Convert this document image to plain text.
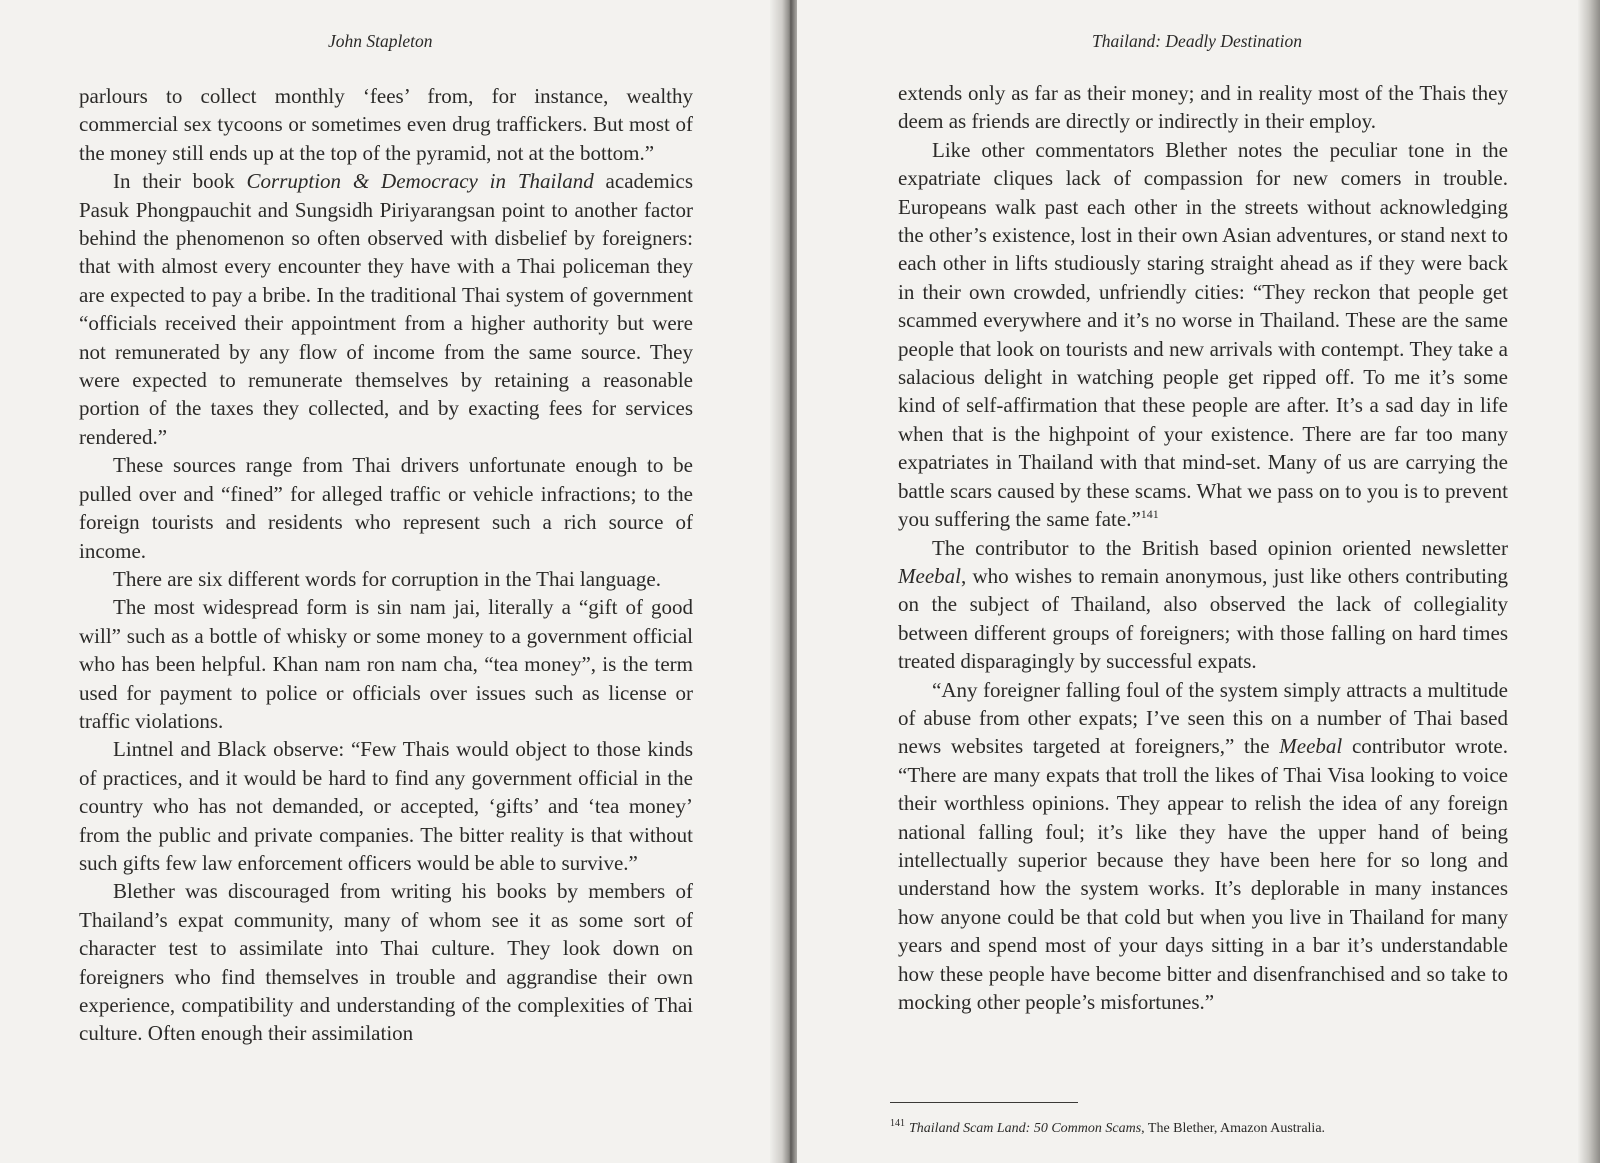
John Stapleton

parlours to collect monthly ‘fees’ from, for instance, wealthy commercial sex tycoons or sometimes even drug traffickers. But most of the money still ends up at the top of the pyramid, not at the bottom.”

In their book Corruption & Democracy in Thailand academics Pasuk Phongpauchit and Sungsidh Piriyarangsan point to another factor behind the phenomenon so often observed with disbelief by foreigners: that with almost every encounter they have with a Thai policeman they are expected to pay a bribe. In the traditional Thai system of government “officials received their appointment from a higher authority but were not remunerated by any flow of income from the same source. They were expected to remunerate themselves by retaining a reasonable portion of the taxes they collected, and by exacting fees for services rendered.”

These sources range from Thai drivers unfortunate enough to be pulled over and “fined” for alleged traffic or vehicle infractions; to the foreign tourists and residents who represent such a rich source of income.

There are six different words for corruption in the Thai language.

The most widespread form is sin nam jai, literally a “gift of good will” such as a bottle of whisky or some money to a government official who has been helpful. Khan nam ron nam cha, “tea money”, is the term used for payment to police or officials over issues such as license or traffic violations.

Lintnel and Black observe: “Few Thais would object to those kinds of practices, and it would be hard to find any government official in the country who has not demanded, or accepted, ‘gifts’ and ‘tea money’ from the public and private companies. The bitter reality is that without such gifts few law enforcement officers would be able to survive.”

Blether was discouraged from writing his books by members of Thailand’s expat community, many of whom see it as some sort of character test to assimilate into Thai culture. They look down on foreigners who find themselves in trouble and aggrandise their own experience, compatibility and understanding of the complexities of Thai culture. Often enough their assimilation

Thailand: Deadly Destination

extends only as far as their money; and in reality most of the Thais they deem as friends are directly or indirectly in their employ.

Like other commentators Blether notes the peculiar tone in the expatriate cliques lack of compassion for new comers in trouble. Europeans walk past each other in the streets without acknowledging the other’s existence, lost in their own Asian adventures, or stand next to each other in lifts studiously staring straight ahead as if they were back in their own crowded, unfriendly cities: “They reckon that people get scammed everywhere and it’s no worse in Thailand. These are the same people that look on tourists and new arrivals with contempt. They take a salacious delight in watching people get ripped off. To me it’s some kind of self-affirmation that these people are after. It’s a sad day in life when that is the highpoint of your existence. There are far too many expatriates in Thailand with that mind-set. Many of us are carrying the battle scars caused by these scams. What we pass on to you is to prevent you suffering the same fate.”$^{141}$

The contributor to the British based opinion oriented newsletter Meebal, who wishes to remain anonymous, just like others contributing on the subject of Thailand, also observed the lack of collegiality between different groups of foreigners; with those falling on hard times treated disparagingly by successful expats.

“Any foreigner falling foul of the system simply attracts a multitude of abuse from other expats; I’ve seen this on a number of Thai based news websites targeted at foreigners,” the Meebal contributor wrote. “There are many expats that troll the likes of Thai Visa looking to voice their worthless opinions. They appear to relish the idea of any foreign national falling foul; it’s like they have the upper hand of being intellectually superior because they have been here for so long and understand how the system works. It’s deplorable in many instances how anyone could be that cold but when you live in Thailand for many years and spend most of your days sitting in a bar it’s understandable how these people have become bitter and disenfranchised and so take to mocking other people’s misfortunes.”

$^{141}$ Thailand Scam Land: 50 Common Scams, The Blether, Amazon Australia.
